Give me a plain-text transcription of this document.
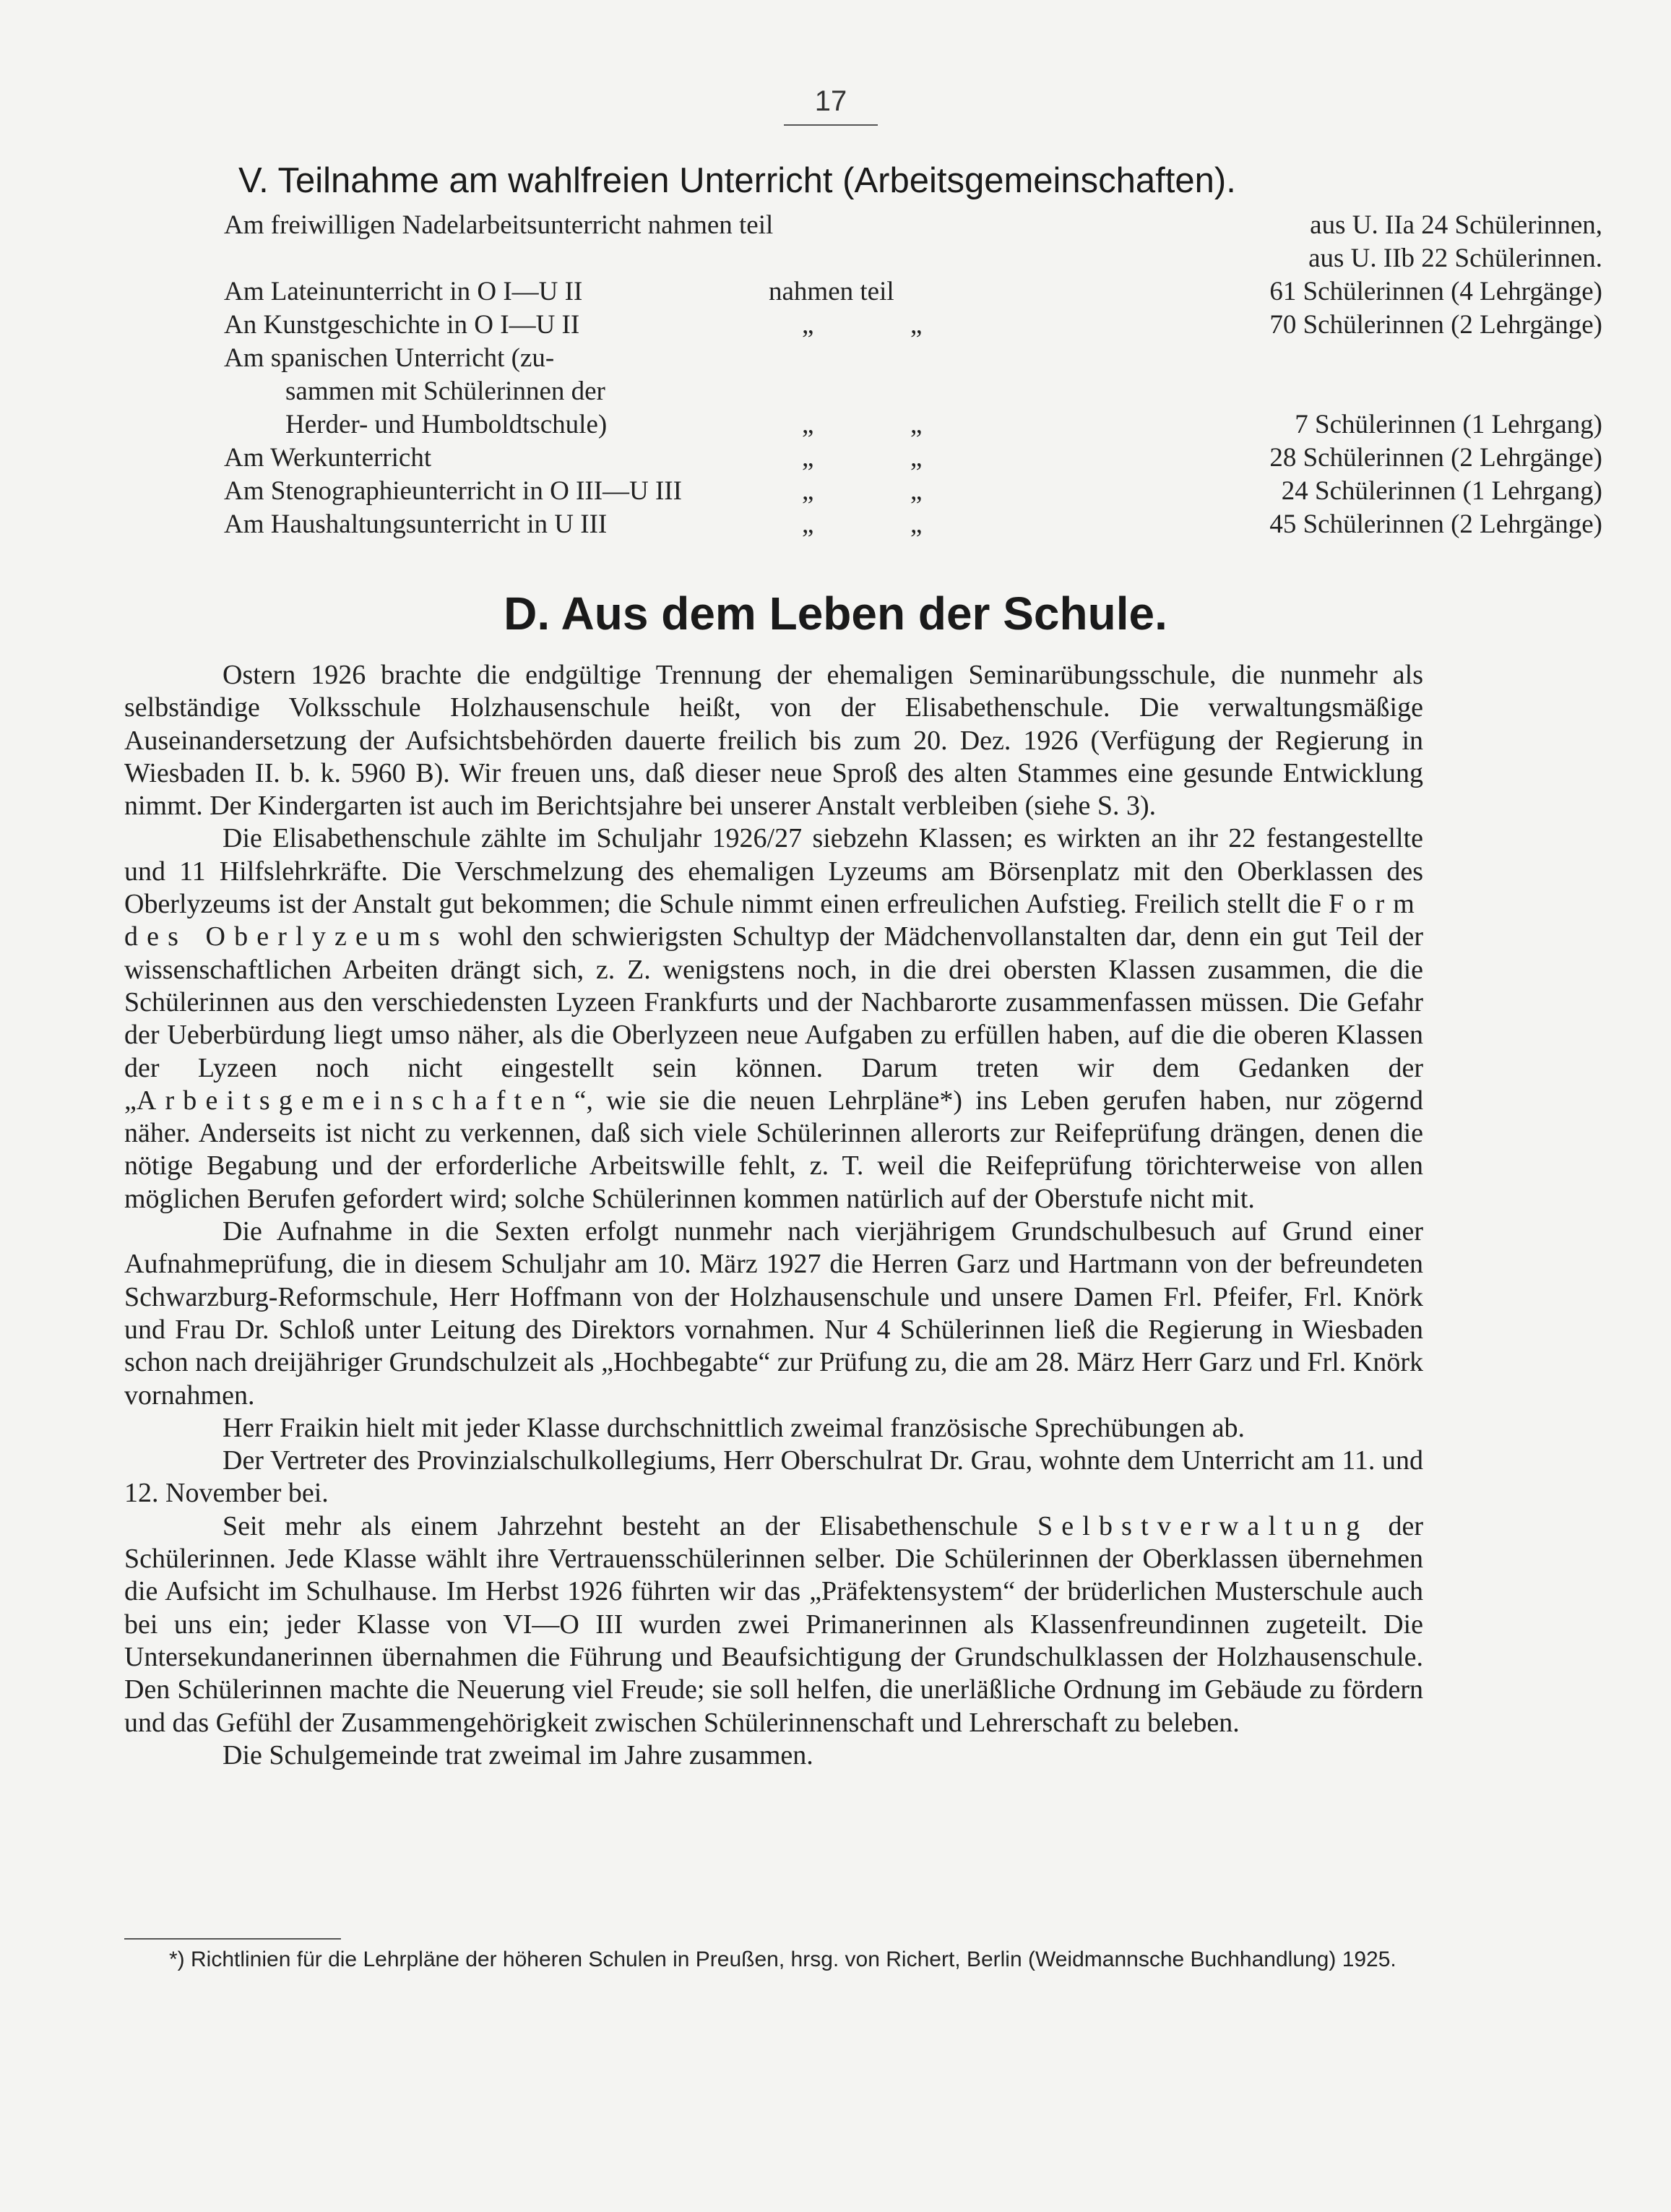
17
V. Teilnahme am wahlfreien Unterricht (Arbeitsgemeinschaften).
Am freiwilligen Nadelarbeitsunterricht nahmen teil	aus U. IIa 24 Schülerinnen,
aus U. IIb 22 Schülerinnen.
Am Lateinunterricht in O I—U II	nahmen teil	61 Schülerinnen (4 Lehrgänge)
An Kunstgeschichte in O I—U II	„	„	70 Schülerinnen (2 Lehrgänge)
Am spanischen Unterricht (zu-
sammen mit Schülerinnen der
Herder- und Humboldtschule)	„	„	7 Schülerinnen (1 Lehrgang)
Am Werkunterricht	„	„	28 Schülerinnen (2 Lehrgänge)
Am Stenographieunterricht in O III—U III	„	„	24 Schülerinnen (1 Lehrgang)
Am Haushaltungsunterricht in U III	„	„	45 Schülerinnen (2 Lehrgänge)
D. Aus dem Leben der Schule.

Ostern 1926 brachte die endgültige Trennung der ehemaligen Seminarübungsschule, die nunmehr als selbständige Volksschule Holzhausenschule heißt, von der Elisabethenschule. Die verwaltungsmäßige Auseinandersetzung der Aufsichtsbehörden dauerte freilich bis zum 20. Dez. 1926 (Verfügung der Regierung in Wiesbaden II. b. k. 5960 B). Wir freuen uns, daß dieser neue Sproß des alten Stammes eine gesunde Entwicklung nimmt. Der Kindergarten ist auch im Berichtsjahre bei unserer Anstalt verbleiben (siehe S. 3).

Die Elisabethenschule zählte im Schuljahr 1926/27 siebzehn Klassen; es wirkten an ihr 22 festangestellte und 11 Hilfslehrkräfte. Die Verschmelzung des ehemaligen Lyzeums am Börsenplatz mit den Oberklassen des Oberlyzeums ist der Anstalt gut bekommen; die Schule nimmt einen erfreulichen Aufstieg. Freilich stellt die Form des Oberlyzeums wohl den schwierigsten Schultyp der Mädchenvollanstalten dar, denn ein gut Teil der wissenschaftlichen Arbeiten drängt sich, z. Z. wenigstens noch, in die drei obersten Klassen zusammen, die die Schülerinnen aus den verschiedensten Lyzeen Frankfurts und der Nachbarorte zusammenfassen müssen. Die Gefahr der Ueberbürdung liegt umso näher, als die Oberlyzeen neue Aufgaben zu erfüllen haben, auf die die oberen Klassen der Lyzeen noch nicht eingestellt sein können. Darum treten wir dem Gedanken der „Arbeitsgemeinschaften“, wie sie die neuen Lehrpläne*) ins Leben gerufen haben, nur zögernd näher. Anderseits ist nicht zu verkennen, daß sich viele Schülerinnen allerorts zur Reifeprüfung drängen, denen die nötige Begabung und der erforderliche Arbeitswille fehlt, z. T. weil die Reifeprüfung törichterweise von allen möglichen Berufen gefordert wird; solche Schülerinnen kommen natürlich auf der Oberstufe nicht mit.

Die Aufnahme in die Sexten erfolgt nunmehr nach vierjährigem Grundschulbesuch auf Grund einer Aufnahmeprüfung, die in diesem Schuljahr am 10. März 1927 die Herren Garz und Hartmann von der befreundeten Schwarzburg-Reformschule, Herr Hoffmann von der Holzhausenschule und unsere Damen Frl. Pfeifer, Frl. Knörk und Frau Dr. Schloß unter Leitung des Direktors vornahmen. Nur 4 Schülerinnen ließ die Regierung in Wiesbaden schon nach dreijähriger Grundschulzeit als „Hochbegabte“ zur Prüfung zu, die am 28. März Herr Garz und Frl. Knörk vornahmen.

Herr Fraikin hielt mit jeder Klasse durchschnittlich zweimal französische Sprechübungen ab.

Der Vertreter des Provinzialschulkollegiums, Herr Oberschulrat Dr. Grau, wohnte dem Unterricht am 11. und 12. November bei.

Seit mehr als einem Jahrzehnt besteht an der Elisabethenschule Selbstverwaltung der Schülerinnen. Jede Klasse wählt ihre Vertrauensschülerinnen selber. Die Schülerinnen der Oberklassen übernehmen die Aufsicht im Schulhause. Im Herbst 1926 führten wir das „Präfektensystem“ der brüderlichen Musterschule auch bei uns ein; jeder Klasse von VI—O III wurden zwei Primanerinnen als Klassenfreundinnen zugeteilt. Die Untersekundanerinnen übernahmen die Führung und Beaufsichtigung der Grundschulklassen der Holzhausenschule. Den Schülerinnen machte die Neuerung viel Freude; sie soll helfen, die unerläßliche Ordnung im Gebäude zu fördern und das Gefühl der Zusammengehörigkeit zwischen Schülerinnenschaft und Lehrerschaft zu beleben.

Die Schulgemeinde trat zweimal im Jahre zusammen.

*) Richtlinien für die Lehrpläne der höheren Schulen in Preußen, hrsg. von Richert, Berlin (Weidmannsche Buchhandlung) 1925.
